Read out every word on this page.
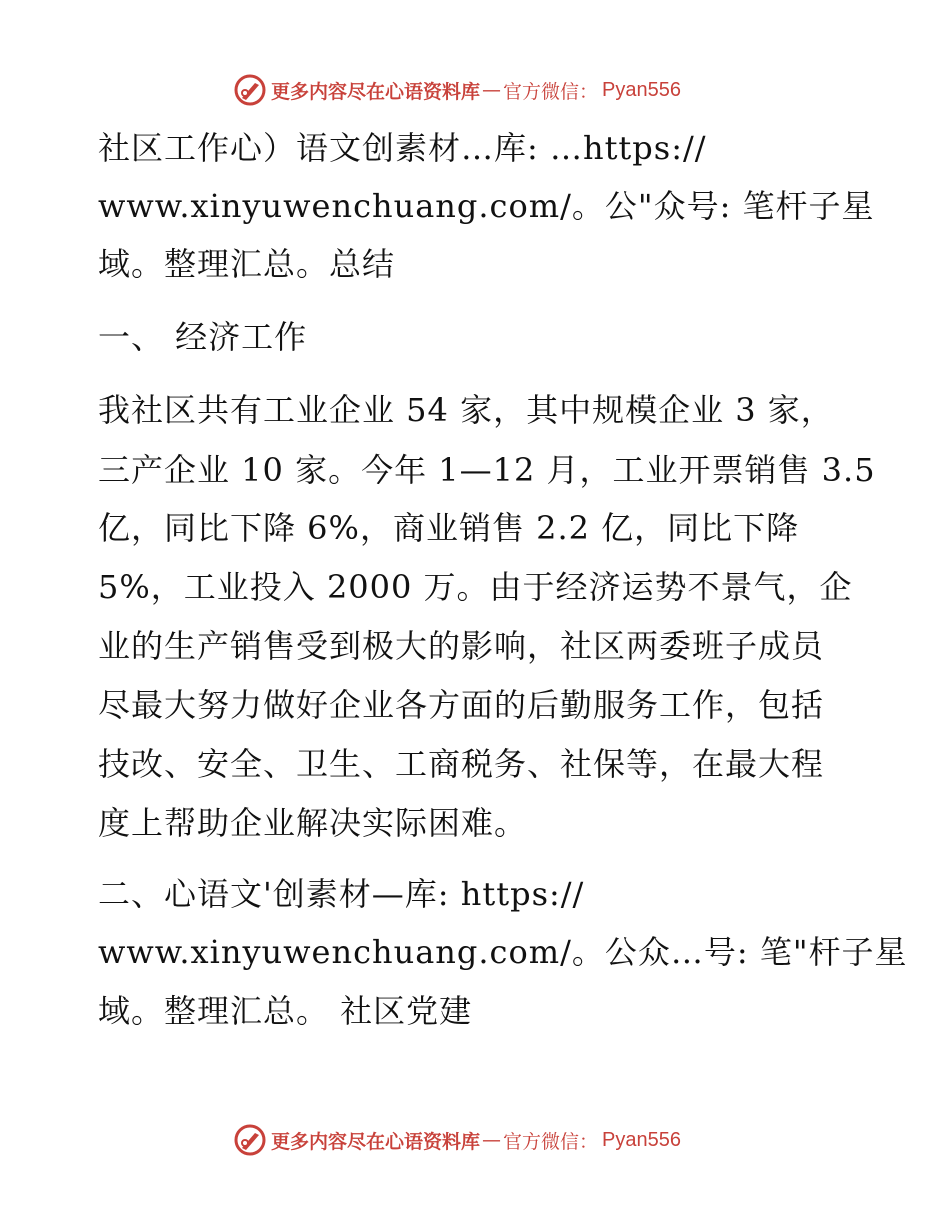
更多内容尽在心语资料库 — 官方微信： Pyan556
社区工作心）语文创素材…库: …https://
www.xinyuwenchuang.com/。公"众号: 笔杆子星
域。整理汇总。总结
一、 经济工作
我社区共有工业企业 54 家，其中规模企业 3 家，
三产企业 10 家。今年 1—12 月，工业开票销售 3.5
亿，同比下降 6%，商业销售 2.2 亿，同比下降
5%，工业投入 2000 万。由于经济运势不景气，企
业的生产销售受到极大的影响，社区两委班子成员
尽最大努力做好企业各方面的后勤服务工作，包括
技改、安全、卫生、工商税务、社保等，在最大程
度上帮助企业解决实际困难。
二、心语文'创素材—库: https://
www.xinyuwenchuang.com/。公众…号: 笔"杆子星
域。整理汇总。 社区党建
更多内容尽在心语资料库 — 官方微信： Pyan556
